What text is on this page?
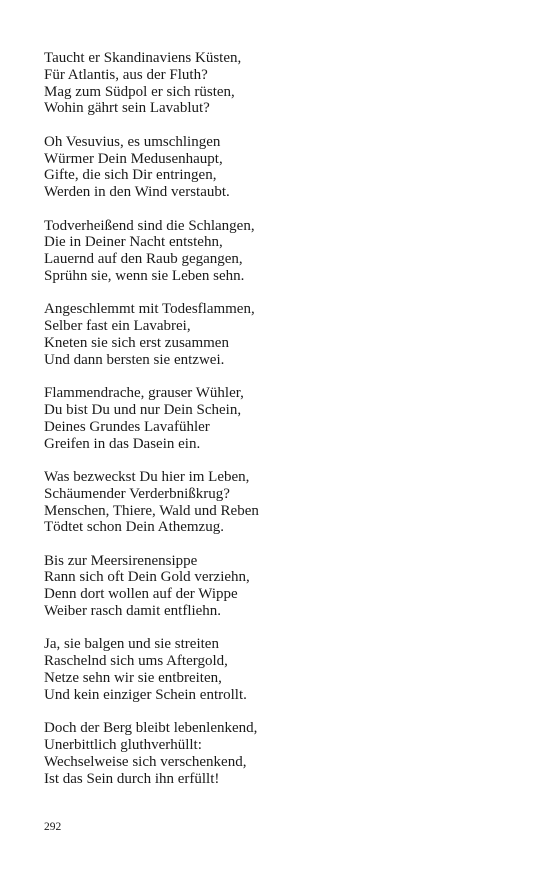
Taucht er Skandinaviens Küsten,
Für Atlantis, aus der Fluth?
Mag zum Südpol er sich rüsten,
Wohin gährt sein Lavablut?
Oh Vesuvius, es umschlingen
Würmer Dein Medusenhaupt,
Gifte, die sich Dir entringen,
Werden in den Wind verstaubt.
Todverheißend sind die Schlangen,
Die in Deiner Nacht entstehn,
Lauernd auf den Raub gegangen,
Sprühn sie, wenn sie Leben sehn.
Angeschlemmt mit Todesflammen,
Selber fast ein Lavabrei,
Kneten sie sich erst zusammen
Und dann bersten sie entzwei.
Flammendrache, grauser Wühler,
Du bist Du und nur Dein Schein,
Deines Grundes Lavafühler
Greifen in das Dasein ein.
Was bezweckst Du hier im Leben,
Schäumender Verderbnißkrug?
Menschen, Thiere, Wald und Reben
Tödtet schon Dein Athemzug.
Bis zur Meersirenensippe
Rann sich oft Dein Gold verziehn,
Denn dort wollen auf der Wippe
Weiber rasch damit entfliehn.
Ja, sie balgen und sie streiten
Raschelnd sich ums Aftergold,
Netze sehn wir sie entbreiten,
Und kein einziger Schein entrollt.
Doch der Berg bleibt lebenlenkend,
Unerbittlich gluthverhüllt:
Wechselweise sich verschenkend,
Ist das Sein durch ihn erfüllt!
292
